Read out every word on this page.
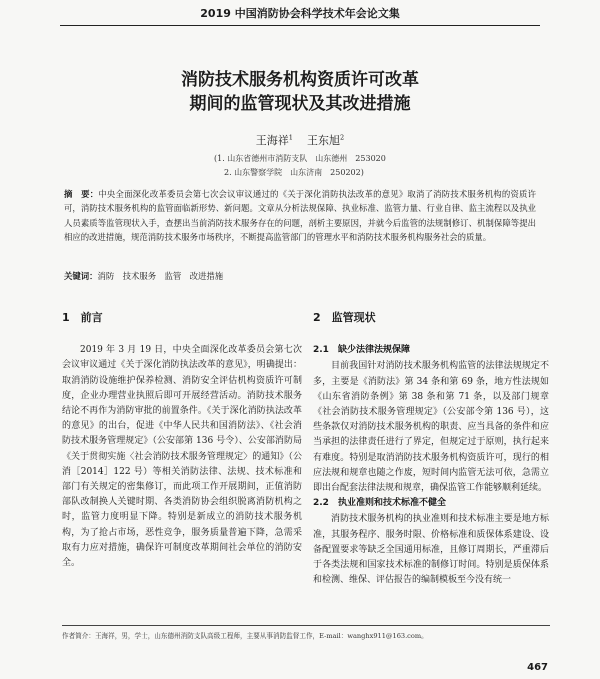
2019 中国消防协会科学技术年会论文集
消防技术服务机构资质许可改革
期间的监管现状及其改进措施
王海祥$^1$ 王东旭$^2$
(1. 山东省德州市消防支队　山东德州　253020
2. 山东警察学院　山东济南　250202)
摘　要：中央全面深化改革委员会第七次会议审议通过的《关于深化消防执法改革的意见》取消了消防技术服务机构的资质许可，消防技术服务机构的监管面临新形势、新问题。文章从分析法规保障、执业标准、监管力量、行业自律、监主流程以及执业人员素质等监管现状入手，查摆出当前消防技术服务存在的问题，剖析主要原因，并就今后监管的法规制修订、机制保障等提出相应的改进措施，规范消防技术服务市场秩序，不断提高监管部门的管理水平和消防技术服务机构服务社会的质量。
关键词：消防　技术服务　监管　改进措施
1　前言

2019 年 3 月 19 日，中央全面深化改革委员会第七次会议审议通过《关于深化消防执法改革的意见》，明确提出：取消消防设施维护保养检测、消防安全评估机构资质许可制度，企业办理营业执照后即可开展经营活动。消防技术服务结论不再作为消防审批的前置条件。《关于深化消防执法改革的意见》的出台，促进《中华人民共和国消防法》、《社会消防技术服务管理规定》（公安部第 136 号令）、公安部消防局《关于贯彻实施〈社会消防技术服务管理规定〉的通知》（公消［2014］122 号）等相关消防法律、法规、技术标准和部门有关规定的密集修订，而此项工作开展期间，正值消防部队改制换人关键时期、各类消防协会组织脱离消防机构之时，监管力度明显下降。特别是新成立的消防技术服务机构，为了抢占市场，恶性竞争，服务质量普遍下降，急需采取有力应对措施，确保许可制度改革期间社会单位的消防安全。

2　监管现状
2.1　缺少法律法规保障

目前我国针对消防技术服务机构监管的法律法规规定不多，主要是《消防法》第 34 条和第 69 条，地方性法规如《山东省消防条例》第 38 条和第 71 条，以及部门规章《社会消防技术服务管理规定》（公安部令第 136 号），这些条款仅对消防技术服务机构的职责、应当具备的条件和应当承担的法律责任进行了界定，但规定过于原则，执行起来有难度。特别是取消消防技术服务机构资质许可，现行的相应法规和规章也随之作废，短时间内监管无法可依，急需立即出台配套法律法规和规章，确保监管工作能够顺利延续。

2.2　执业准则和技术标准不健全

消防技术服务机构的执业准则和技术标准主要是地方标准，其服务程序、服务时限、价格标准和质保体系建设、设备配置要求等缺乏全国通用标准，且修订周期长，严重滞后于各类法规和国家技术标准的制修订时间。特别是质保体系和检测、维保、评估报告的编制模板至今没有统一

作者简介：王海祥，男，学士，山东德州消防支队高级工程师，主要从事消防监督工作，E-mail：wanghx911@163.com。
467
